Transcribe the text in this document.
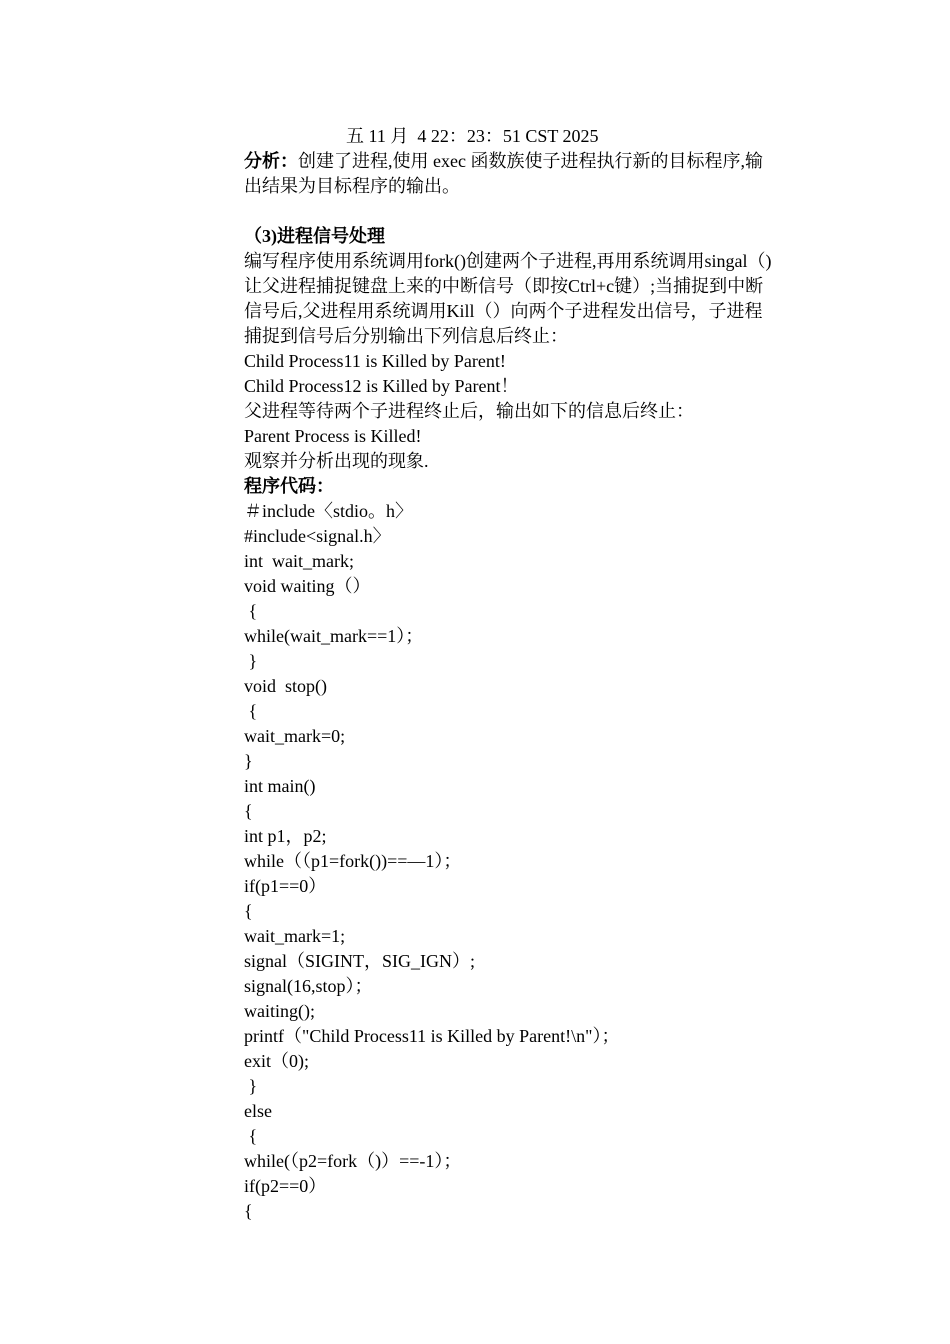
五 11 月  4 22：23：51 CST 2025
分析：创建了进程,使用 exec 函数族使子进程执行新的目标程序,输
出结果为目标程序的输出。
（3)进程信号处理
编写程序使用系统调用fork()创建两个子进程,再用系统调用singal（)
让父进程捕捉键盘上来的中断信号（即按Ctrl+c键）;当捕捉到中断
信号后,父进程用系统调用Kill（）向两个子进程发出信号，子进程
捕捉到信号后分别输出下列信息后终止：
Child Process11 is Killed by Parent!
Child Process12 is Killed by Parent！
父进程等待两个子进程终止后，输出如下的信息后终止：
Parent Process is Killed!
观察并分析出现的现象.
程序代码：
＃include〈stdio。h〉
#include<signal.h〉
int  wait_mark;
void waiting（）
{
while(wait_mark==1）；
}
void  stop()
{
wait_mark=0;
}
int main()
{
int p1，p2;
while（（p1=fork())==—1）；
if(p1==0）
{
wait_mark=1;
signal（SIGINT，SIG_IGN）;
signal(16,stop）；
waiting();
printf（"Child Process11 is Killed by Parent!\n"）；
exit（0);
}
else
{
while(（p2=fork（)）==-1）；
if(p2==0）
{
